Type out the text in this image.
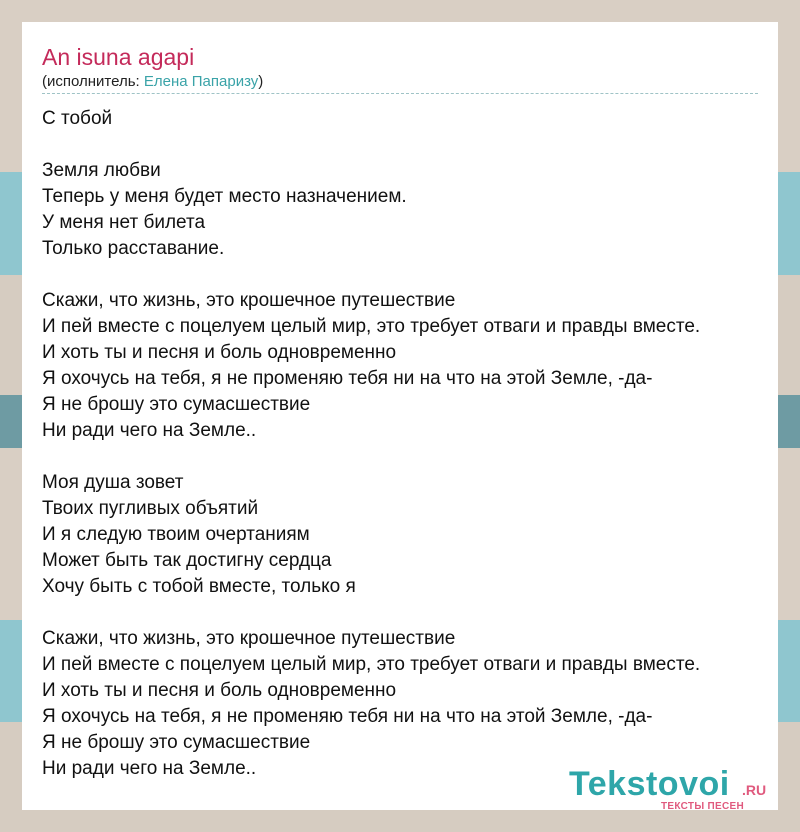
An isuna agapi
(исполнитель: Елена Папаризу)
С тобой
Земля любви
Теперь у меня будет место назначением.
У меня нет билета
Только расставание.
Скажи, что жизнь, это крошечное путешествие
И пей вместе с поцелуем целый мир, это требует отваги и правды вместе.
И хоть ты и песня и боль одновременно
Я охочусь на тебя, я не променяю тебя ни на что на этой Земле, -да-
Я не брошу это сумасшествие
Ни ради чего на Земле..
Моя душа зовет
Твоих пугливых объятий
И я следую твоим очертаниям
Может быть так достигну сердца
Хочу быть с тобой вместе, только я
Скажи, что жизнь, это крошечное путешествие
И пей вместе с поцелуем целый мир, это требует отваги и правды вместе.
И хоть ты и песня и боль одновременно
Я охочусь на тебя, я не променяю тебя ни на что на этой Земле, -да-
Я не брошу это сумасшествие
Ни ради чего на Земле..	Tekstovoi .RU
ТЕКСТЫ ПЕСЕН
